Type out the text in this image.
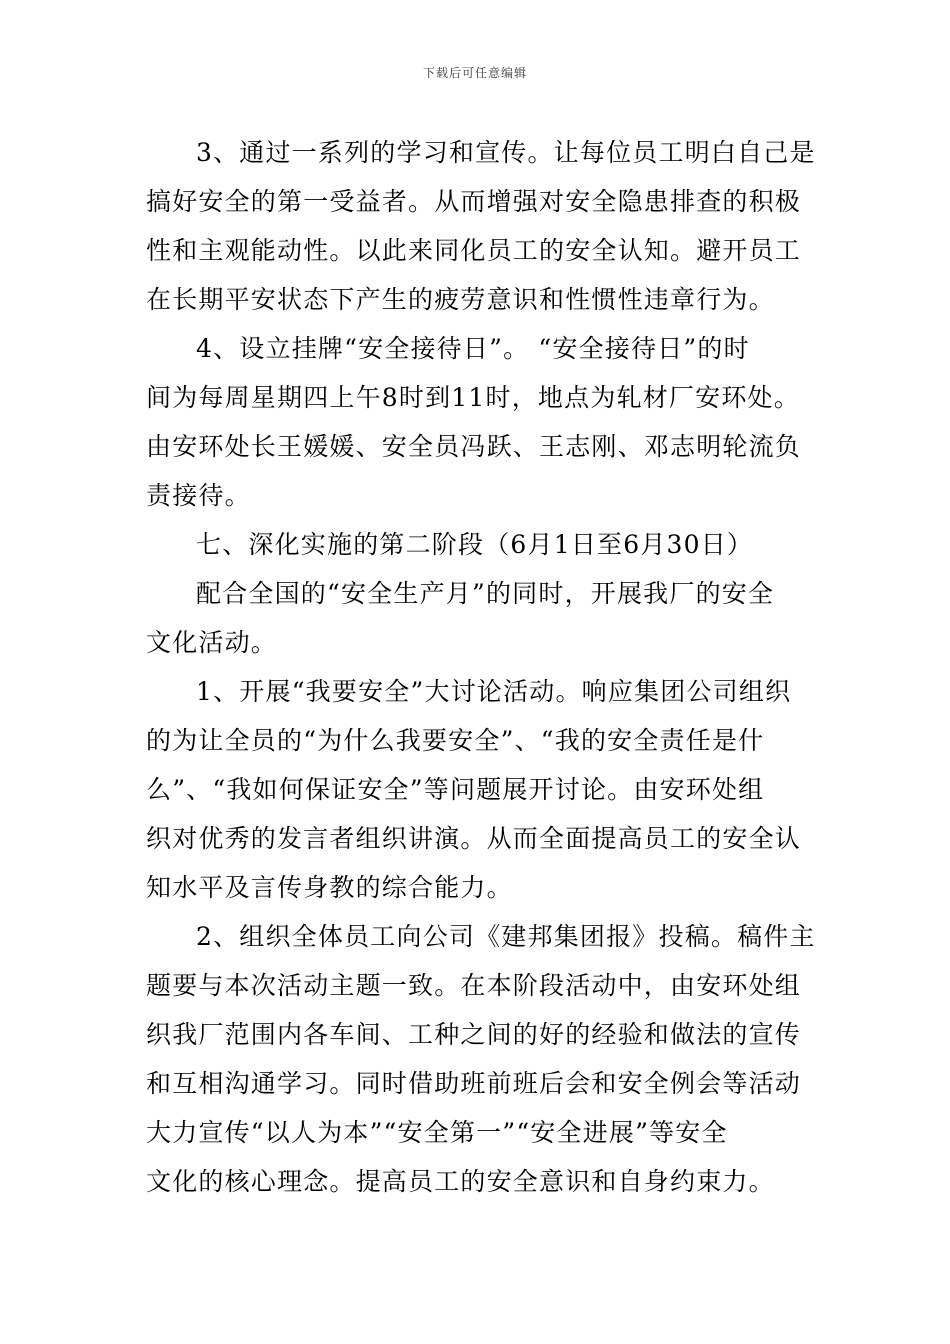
下载后可任意编辑
3、通过一系列的学习和宣传。让每位员工明白自己是
搞好安全的第一受益者。从而增强对安全隐患排查的积极
性和主观能动性。以此来同化员工的安全认知。避开员工
在长期平安状态下产生的疲劳意识和性惯性违章行为。
4、设立挂牌“安全接待日”。 “安全接待日”的时
间为每周星期四上午8时到11时，地点为轧材厂安环处。
由安环处长王媛媛、安全员冯跃、王志刚、邓志明轮流负
责接待。
七、深化实施的第二阶段（6月1日至6月30日）
配合全国的“安全生产月”的同时，开展我厂的安全
文化活动。
1、开展“我要安全”大讨论活动。响应集团公司组织
的为让全员的“为什么我要安全”、“我的安全责任是什
么”、“我如何保证安全”等问题展开讨论。由安环处组
织对优秀的发言者组织讲演。从而全面提高员工的安全认
知水平及言传身教的综合能力。
2、组织全体员工向公司《建邦集团报》投稿。稿件主
题要与本次活动主题一致。在本阶段活动中，由安环处组
织我厂范围内各车间、工种之间的好的经验和做法的宣传
和互相沟通学习。同时借助班前班后会和安全例会等活动
大力宣传“以人为本”“安全第一”“安全进展”等安全
文化的核心理念。提高员工的安全意识和自身约束力。
